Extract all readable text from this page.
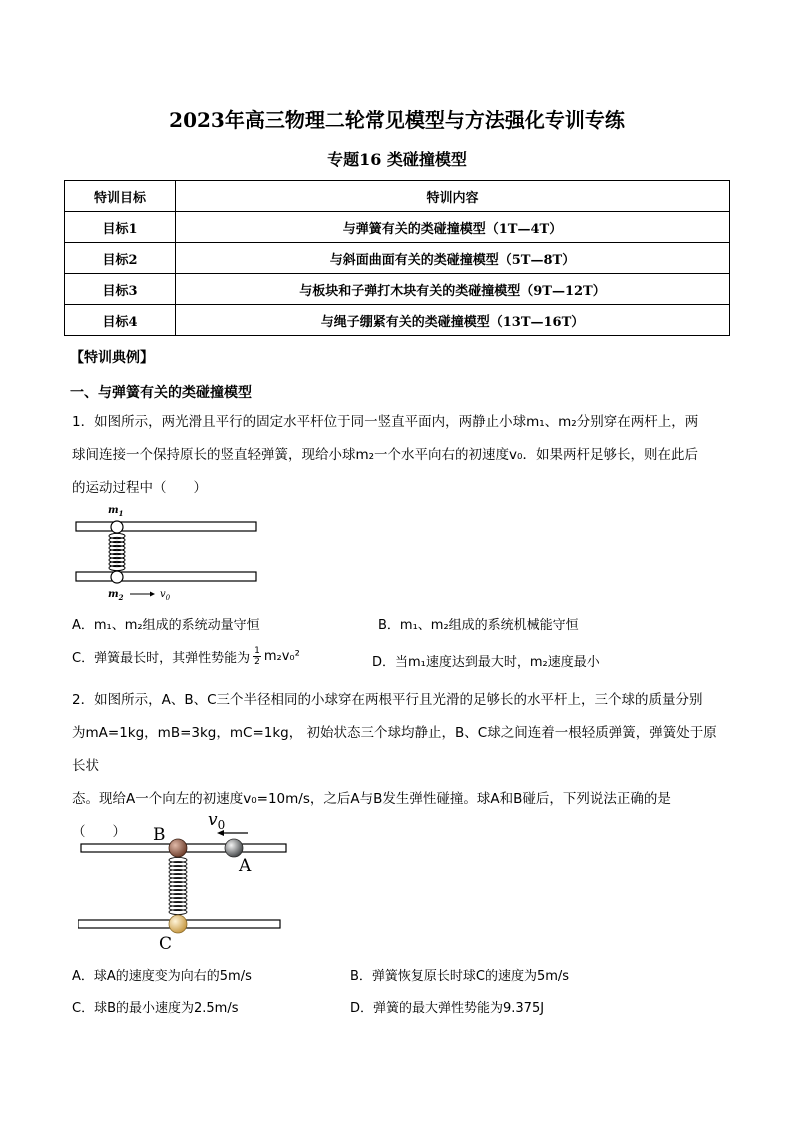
2023年高三物理二轮常见模型与方法强化专训专练
专题16 类碰撞模型
特训目标	特训内容
目标1	与弹簧有关的类碰撞模型（1T—4T）
目标2	与斜面曲面有关的类碰撞模型（5T—8T）
目标3	与板块和子弹打木块有关的类碰撞模型（9T—12T）
目标4	与绳子绷紧有关的类碰撞模型（13T—16T）
【特训典例】
一、与弹簧有关的类碰撞模型
1．如图所示，两光滑且平行的固定水平杆位于同一竖直平面内，两静止小球m₁、m₂分别穿在两杆上，两
球间连接一个保持原长的竖直轻弹簧，现给小球m₂一个水平向右的初速度v₀．如果两杆足够长，则在此后
的运动过程中（　　）
$m_1$
$m_2$	$v_0$
A．m₁、m₂组成的系统动量守恒	B．m₁、m₂组成的系统机械能守恒
C．弹簧最长时，其弹性势能为 $\frac{1}{2} m_2v_0^2$	D．当m₁速度达到最大时，m₂速度最小
2．如图所示，A、B、C三个半径相同的小球穿在两根平行且光滑的足够长的水平杆上，三个球的质量分别
为mA=1kg，mB=3kg，mC=1kg， 初始状态三个球均静止，B、C球之间连着一根轻质弹簧，弹簧处于原长状
态。现给A一个向左的初速度v₀=10m/s，之后A与B发生弹性碰撞。球A和B碰后，下列说法正确的是
（　　）	B
A
C
$v_0$
A．球A的速度变为向右的5m/s	B．弹簧恢复原长时球C的速度为5m/s
C．球B的最小速度为2.5m/s	D．弹簧的最大弹性势能为9.375J
